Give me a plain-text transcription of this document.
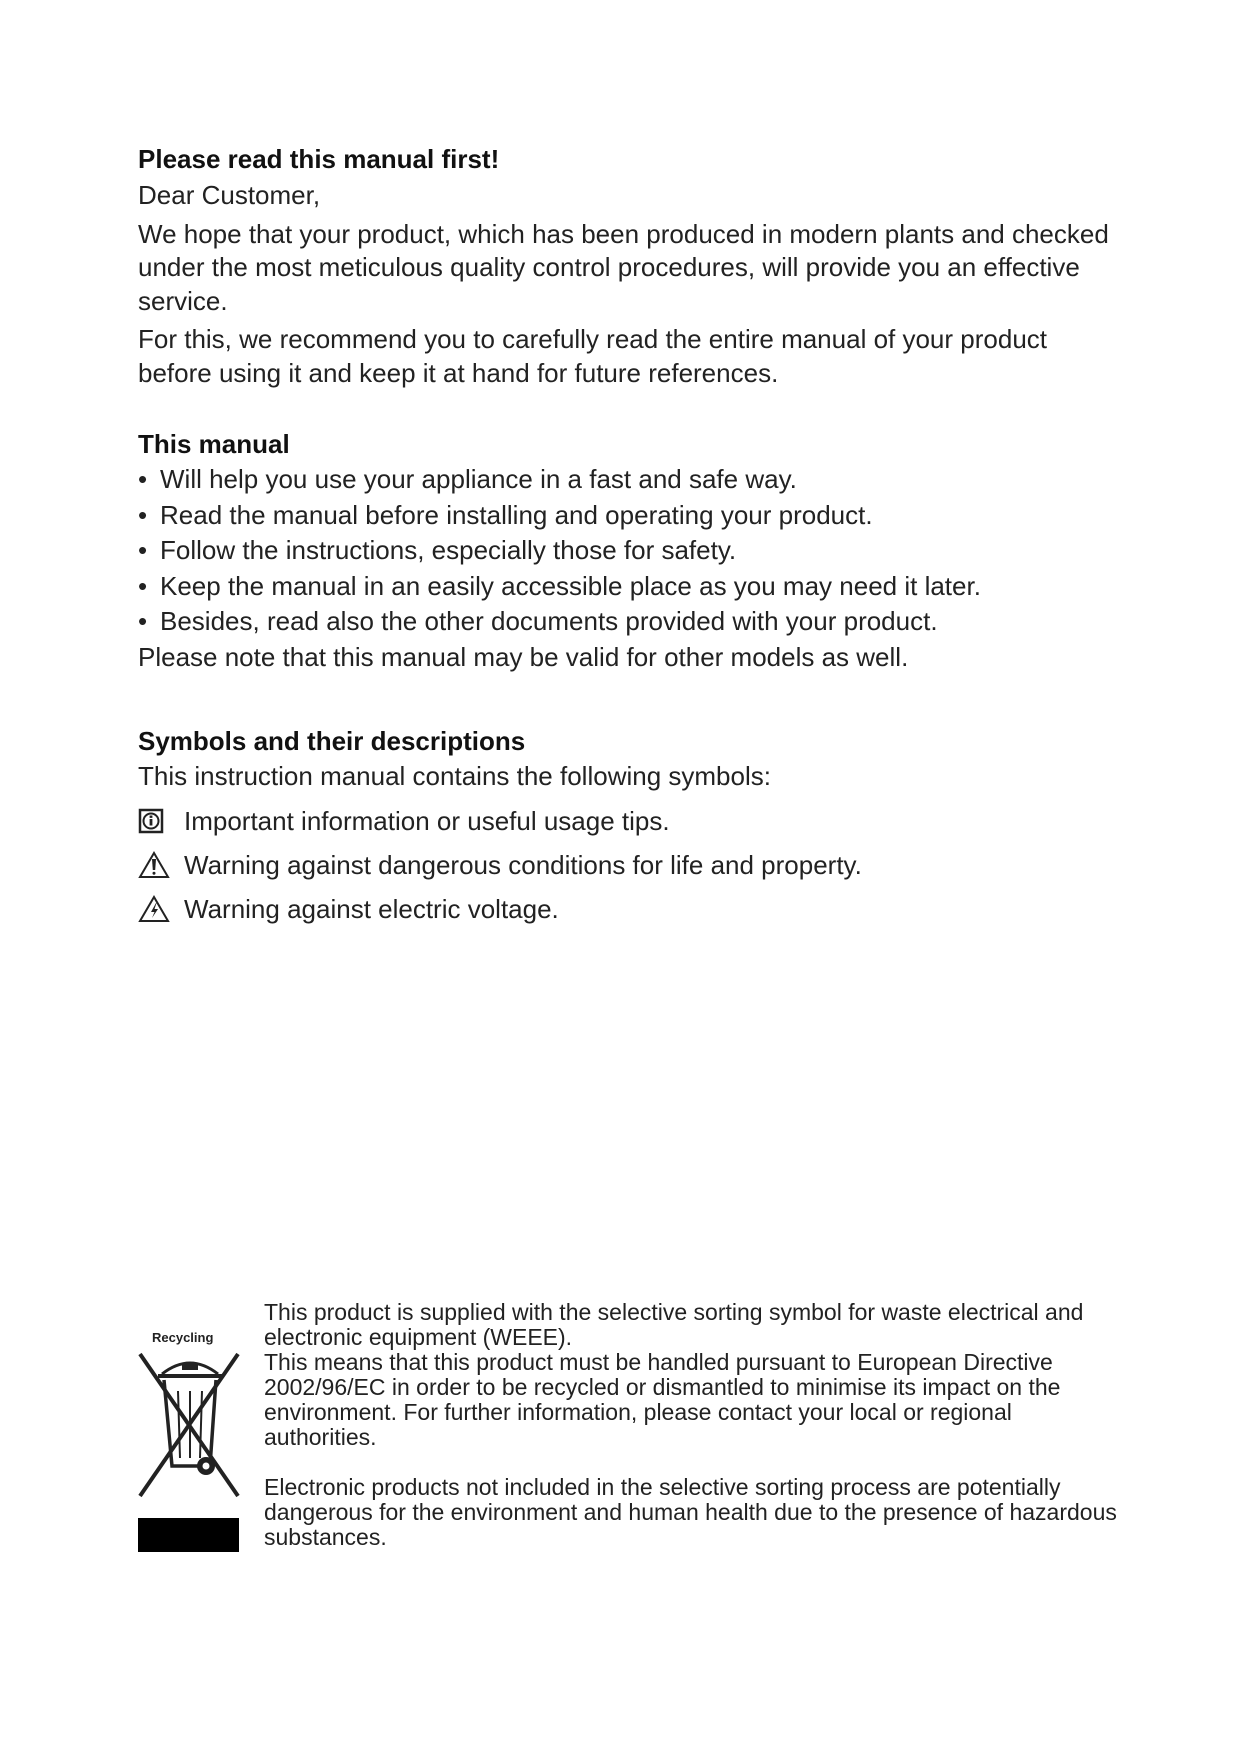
Please read this manual first!

Dear Customer,

We hope that your product, which has been produced in modern plants and checked under the most meticulous quality control procedures, will provide you an effective service.

For this, we recommend you to carefully read the entire manual of your product before using it and keep it at hand for future references.

This manual
• Will help you use your appliance in a fast and safe way.
• Read the manual before installing and operating your product.
• Follow the instructions, especially those for safety.
• Keep the manual in an easily accessible place as you may need it later.
• Besides, read also the other documents provided with your product.

Please note that this manual may be valid for other models as well.

Symbols and their descriptions

This instruction manual contains the following symbols:

Important information or useful usage tips.
Warning against dangerous conditions for life and property.
Warning against electric voltage.
Recycling

This product is supplied with the selective sorting symbol for waste electrical and electronic equipment (WEEE).

This means that this product must be handled pursuant to European Directive 2002/96/EC in order to be recycled or dismantled to minimise its impact on the environment. For further information, please contact your local or regional authorities.

Electronic products not included in the selective sorting process are potentially dangerous for the environment and human health due to the presence of hazardous substances.
